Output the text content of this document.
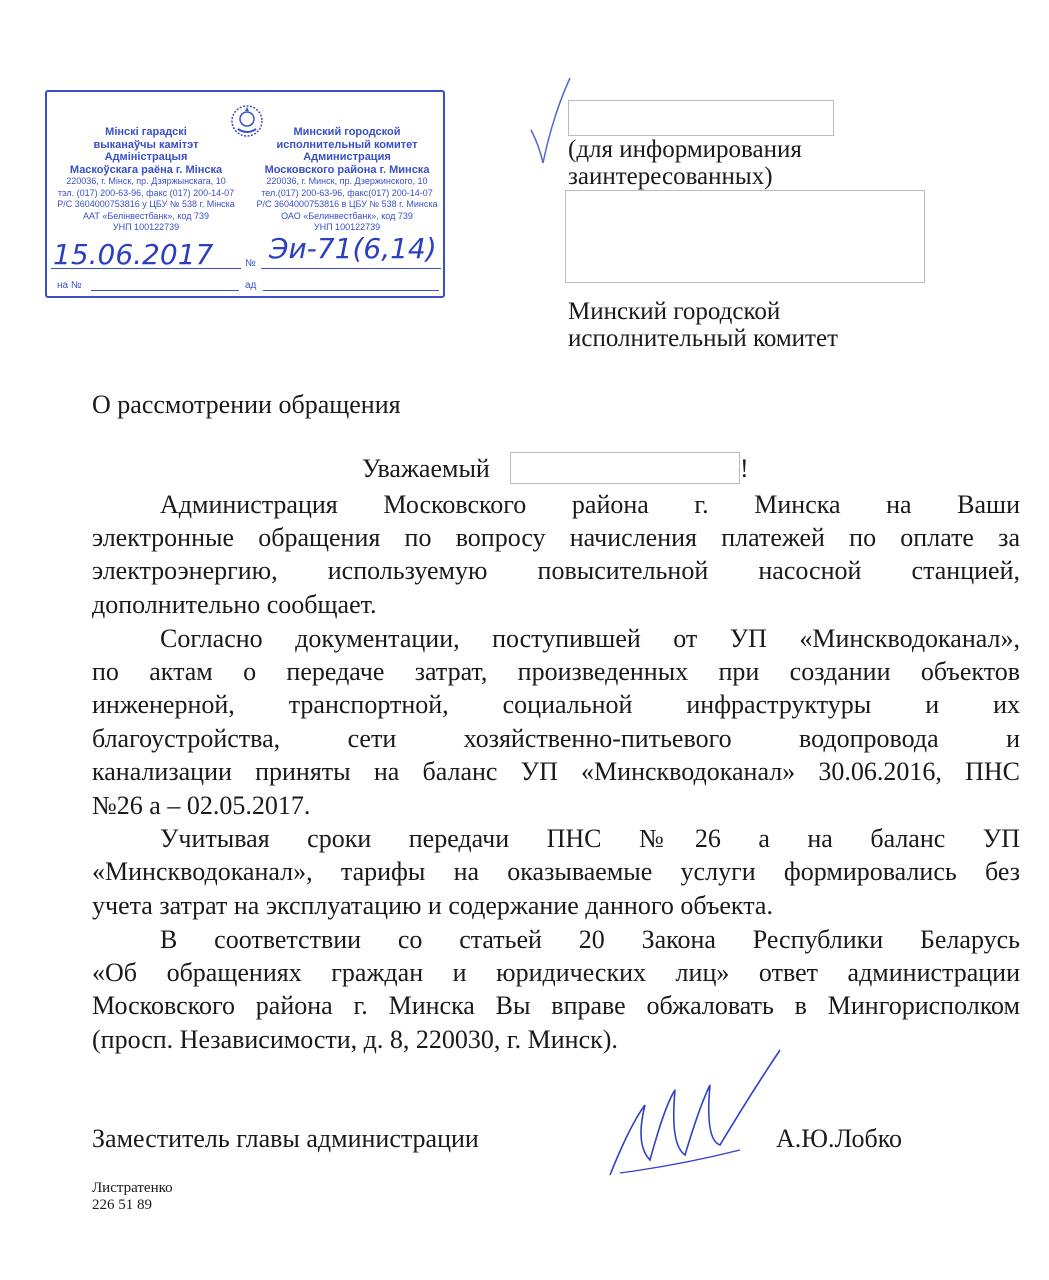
Мінскі гарадскі
выканаўчы камітэт
Адміністрацыя
Маскоўскага раёна г. Мінска
220036, г. Мінск, пр. Дзяржынскага, 10
тэл. (017) 200-63-96, факс (017) 200-14-07
Р/С 3604000753816 у ЦБУ № 538 г. Мінска
ААТ «Белінвестбанк», код 739
УНП 100122739
Минский городской
исполнительный комитет
Администрация
Московского района г. Минска
220036, г. Минск, пр. Дзержинского, 10
тел.(017) 200-63-96, факс(017) 200-14-07
Р/С 3604000753816 в ЦБУ № 538 г. Минска
ОАО «Белинвестбанк», код 739
УНП 100122739
15.06.2017	№ Эи-71(6,14)
на №	ад
(для информирования
заинтересованных)
Минский городской
исполнительный комитет
О рассмотрении обращения
Уважаемый	!
Администрация Московского района г. Минска на Ваши
электронные обращения по вопросу начисления платежей по оплате за
электроэнергию, используемую повысительной насосной станцией,
дополнительно сообщает.
Согласно документации, поступившей от УП «Минскводоканал»,
по актам о передаче затрат, произведенных при создании объектов
инженерной, транспортной, социальной инфраструктуры и их
благоустройства, сети хозяйственно-питьевого водопровода и
канализации приняты на баланс УП «Минскводоканал» 30.06.2016, ПНС
№26 а – 02.05.2017.
Учитывая сроки передачи ПНС №26 а на баланс УП
«Минскводоканал», тарифы на оказываемые услуги формировались без
учета затрат на эксплуатацию и содержание данного объекта.
В соответствии со статьей 20 Закона Республики Беларусь
«Об обращениях граждан и юридических лиц» ответ администрации
Московского района г. Минска Вы вправе обжаловать в Мингорисполком
(просп. Независимости, д. 8, 220030, г. Минск).
Заместитель главы администрации	А.Ю.Лобко
Листратенко
226 51 89
